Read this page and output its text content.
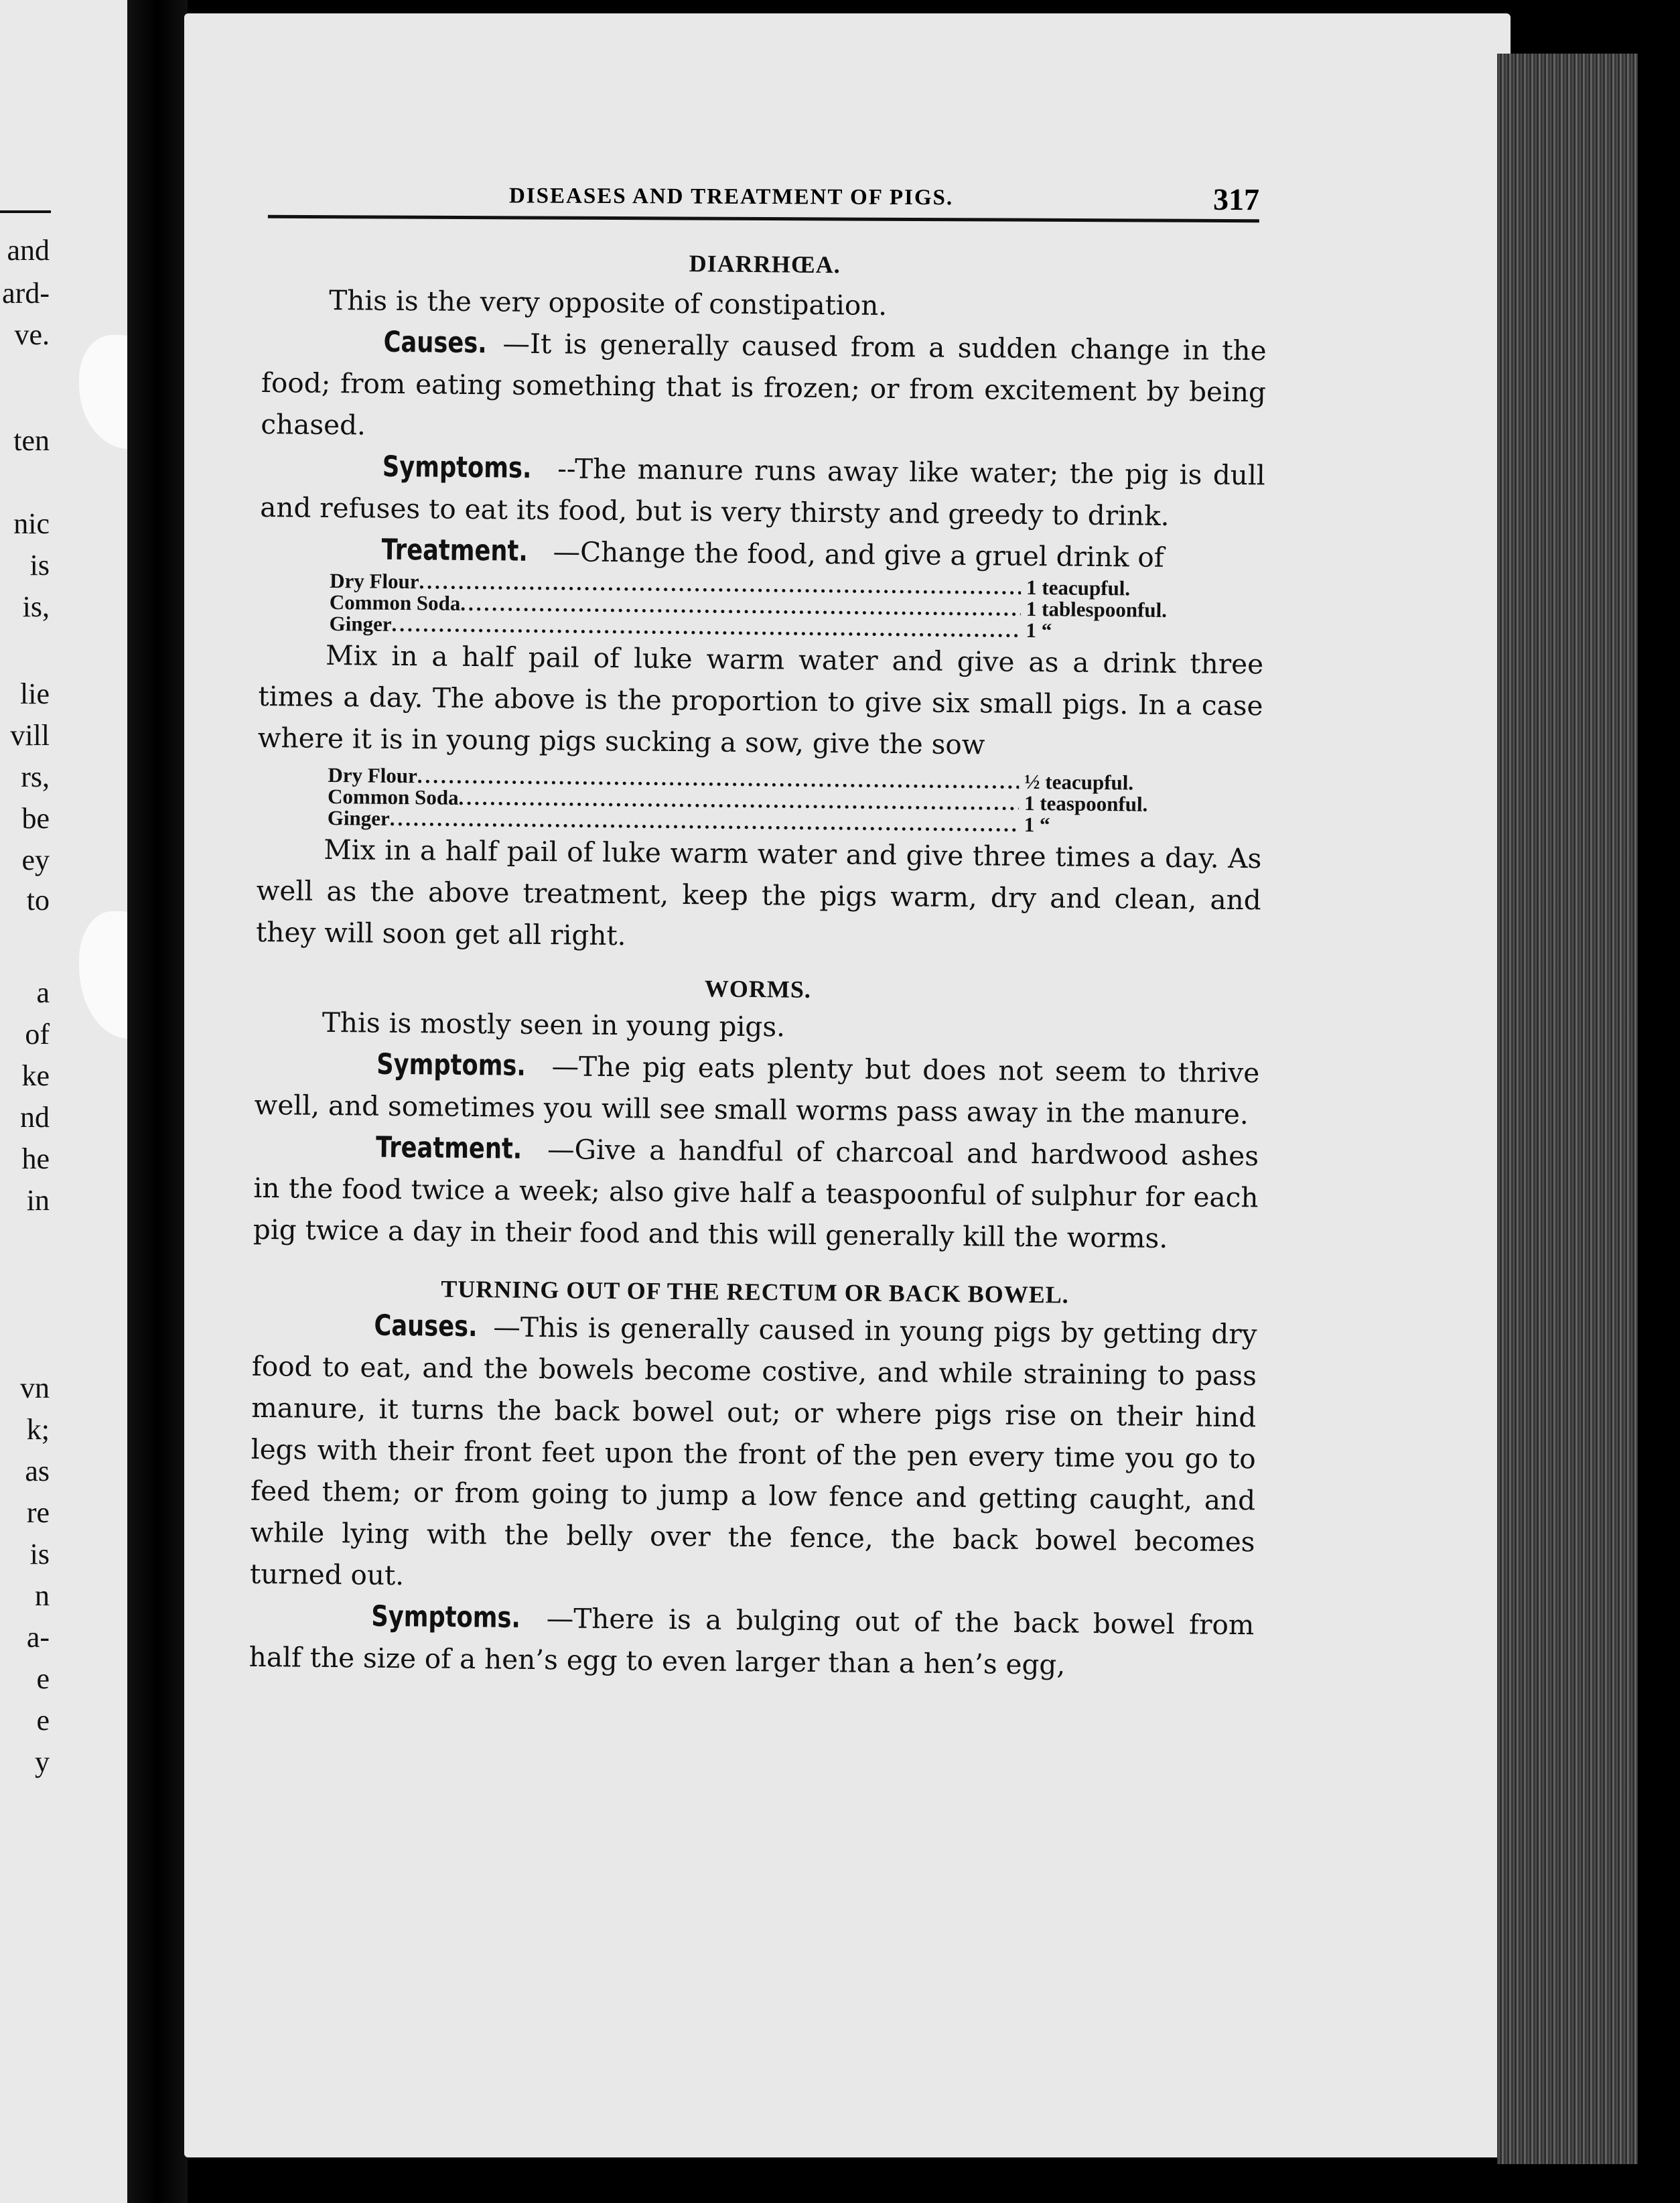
and
ard-
ve.
ten
nic
is
is,
lie
vill
rs,
be
ey
to
a
of
ke
nd
he
in
vn
k;
as
re
is
n
a-
e
e
y
DISEASES AND TREATMENT OF PIGS.	317
DIARRHŒA.

This is the very opposite of constipation.

Causes. —It is generally caused from a sudden change in the food; from eating something that is frozen; or from excitement by being chased.

Symptoms. --The manure runs away like water; the pig is dull and refuses to eat its food, but is very thirsty and greedy to drink.

Treatment. —Change the food, and give a gruel drink of

Dry Flour .....	1 teacupful.
Common Soda .....	1 tablespoonful.
Ginger .....	1 “

Mix in a half pail of luke warm water and give as a drink three times a day. The above is the proportion to give six small pigs. In a case where it is in young pigs sucking a sow, give the sow

Dry Flour .....	½ teacupful.
Common Soda .....	1 teaspoonful.
Ginger .....	1 “

Mix in a half pail of luke warm water and give three times a day. As well as the above treatment, keep the pigs warm, dry and clean, and they will soon get all right.

WORMS.

This is mostly seen in young pigs.

Symptoms. —The pig eats plenty but does not seem to thrive well, and sometimes you will see small worms pass away in the manure.

Treatment. —Give a handful of charcoal and hardwood ashes in the food twice a week; also give half a teaspoonful of sulphur for each pig twice a day in their food and this will generally kill the worms.

TURNING OUT OF THE RECTUM OR BACK BOWEL.

Causes. —This is generally caused in young pigs by getting dry food to eat, and the bowels become costive, and while straining to pass manure, it turns the back bowel out; or where pigs rise on their hind legs with their front feet upon the front of the pen every time you go to feed them; or from going to jump a low fence and getting caught, and while lying with the belly over the fence, the back bowel becomes turned out.

Symptoms. —There is a bulging out of the back bowel from half the size of a hen’s egg to even larger than a hen’s egg,
